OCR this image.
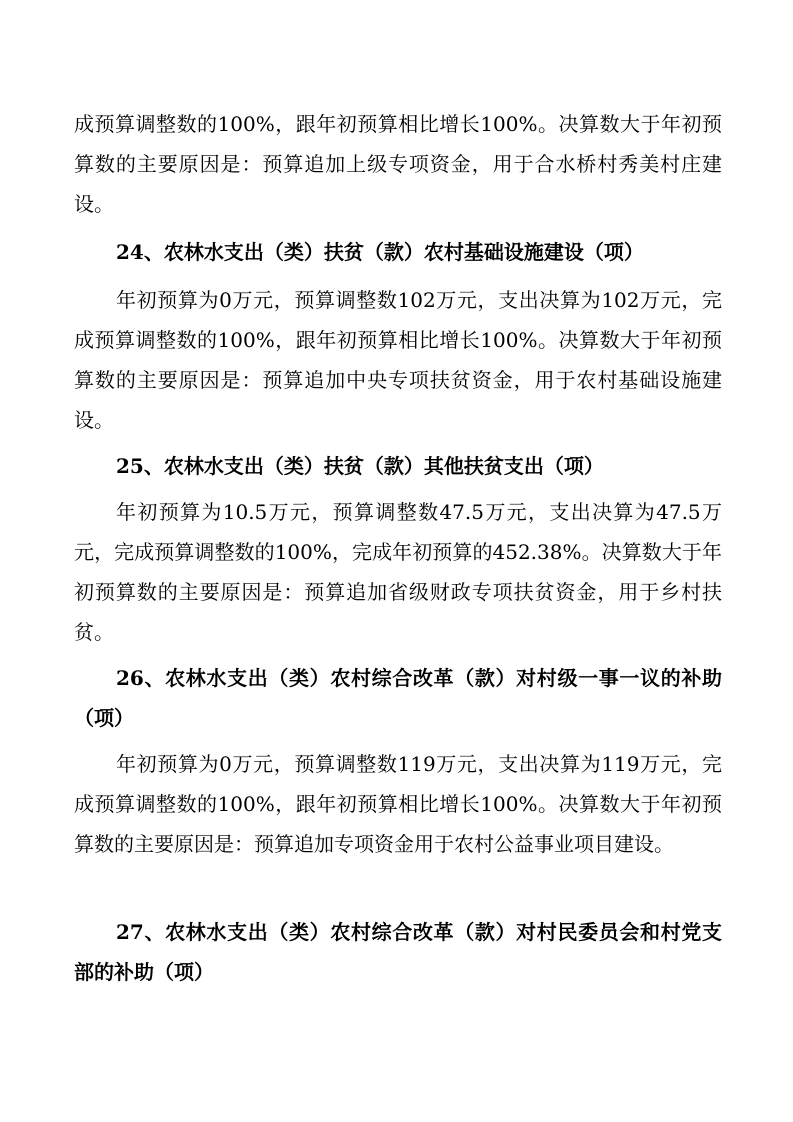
成预算调整数的100%，跟年初预算相比增长100%。决算数大于年初预算数的主要原因是：预算追加上级专项资金，用于合水桥村秀美村庄建设。

24、农林水支出（类）扶贫（款）农村基础设施建设（项）

年初预算为0万元，预算调整数102万元，支出决算为102万元，完成预算调整数的100%，跟年初预算相比增长100%。决算数大于年初预算数的主要原因是：预算追加中央专项扶贫资金，用于农村基础设施建设。

25、农林水支出（类）扶贫（款）其他扶贫支出（项）

年初预算为10.5万元，预算调整数47.5万元，支出决算为47.5万元，完成预算调整数的100%，完成年初预算的452.38%。决算数大于年初预算数的主要原因是：预算追加省级财政专项扶贫资金，用于乡村扶贫。

26、农林水支出（类）农村综合改革（款）对村级一事一议的补助（项）

年初预算为0万元，预算调整数119万元，支出决算为119万元，完成预算调整数的100%，跟年初预算相比增长100%。决算数大于年初预算数的主要原因是：预算追加专项资金用于农村公益事业项目建设。

27、农林水支出（类）农村综合改革（款）对村民委员会和村党支部的补助（项）
